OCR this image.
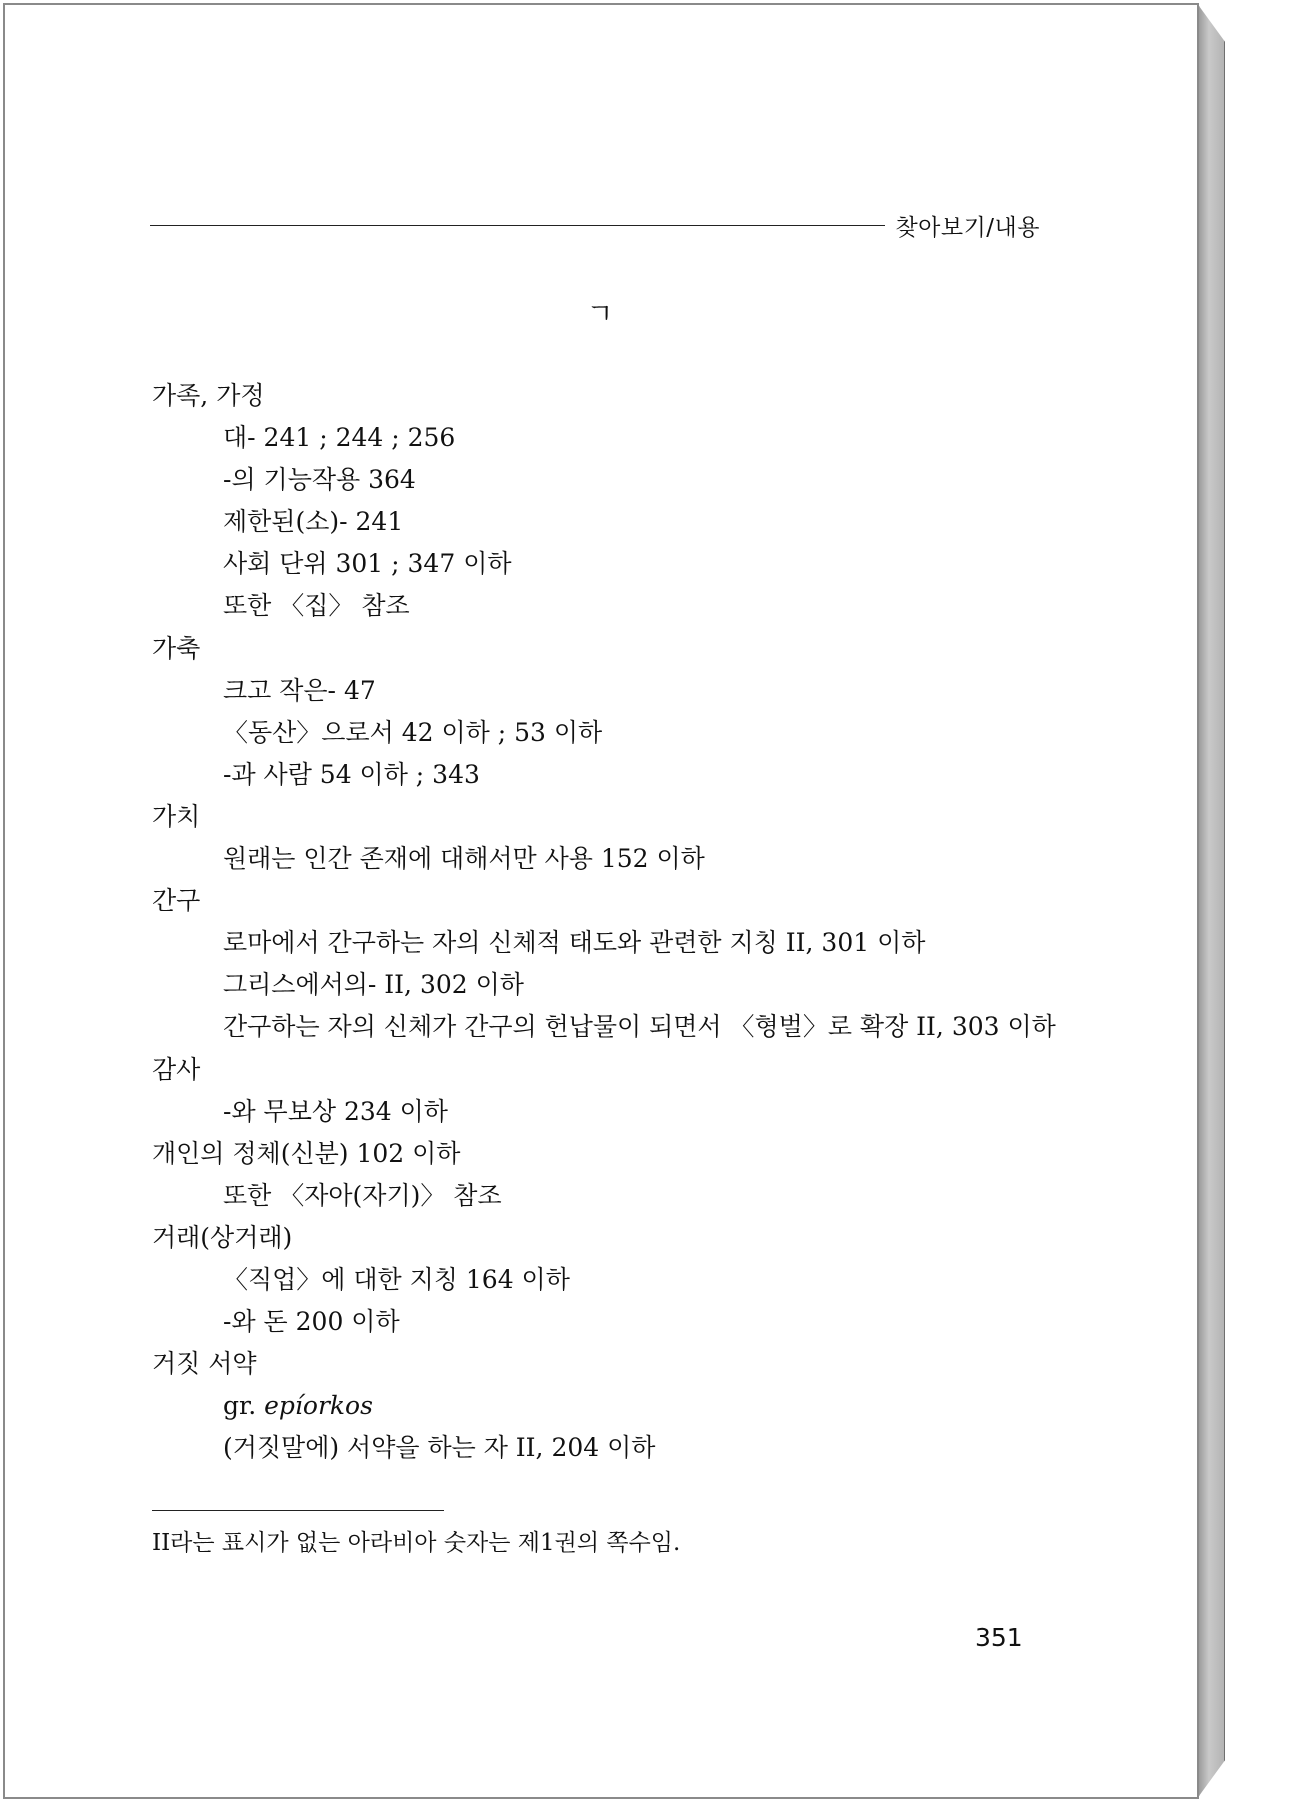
찾아보기/내용
ㄱ
가족, 가정
대- 241 ; 244 ; 256
-의 기능작용 364
제한된(소)- 241
사회 단위 301 ; 347 이하
또한 〈집〉 참조
가축
크고 작은- 47
〈동산〉으로서 42 이하 ; 53 이하
-과 사람 54 이하 ; 343
가치
원래는 인간 존재에 대해서만 사용 152 이하
간구
로마에서 간구하는 자의 신체적 태도와 관련한 지칭 II, 301 이하
그리스에서의- II, 302 이하
간구하는 자의 신체가 간구의 헌납물이 되면서 〈형벌〉로 확장 II, 303 이하
감사
-와 무보상 234 이하
개인의 정체(신분) 102 이하
또한 〈자아(자기)〉 참조
거래(상거래)
〈직업〉에 대한 지칭 164 이하
-와 돈 200 이하
거짓 서약
gr. epíorkos
(거짓말에) 서약을 하는 자 II, 204 이하
II라는 표시가 없는 아라비아 숫자는 제1권의 쪽수임.
351
